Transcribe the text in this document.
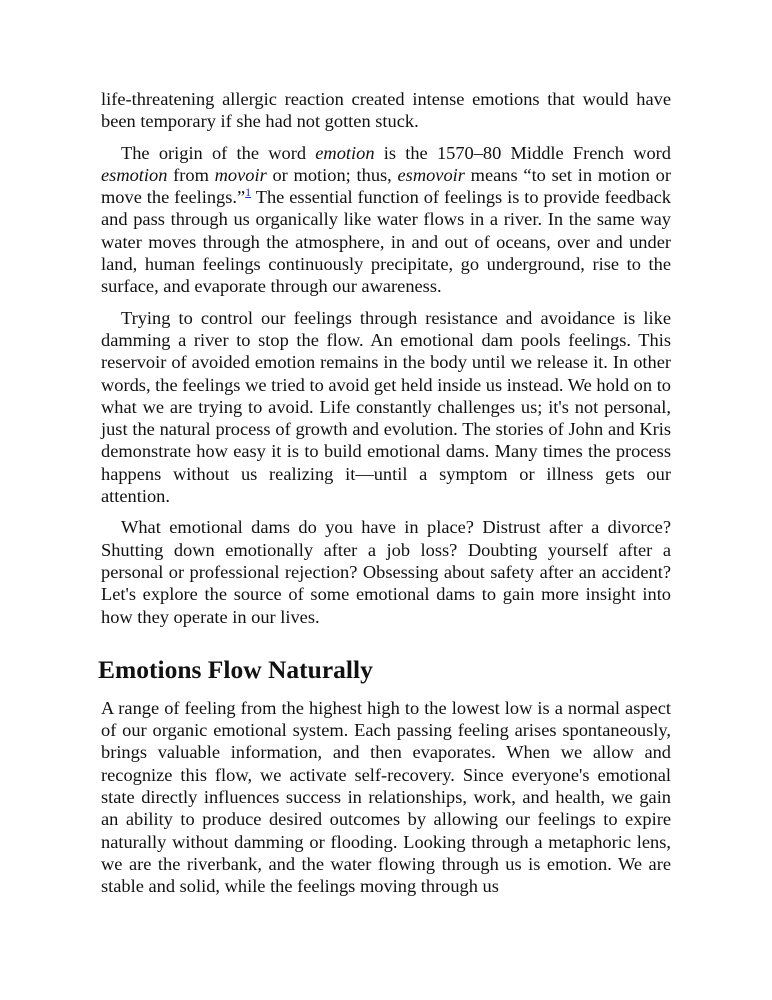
life-threatening allergic reaction created intense emotions that would have been temporary if she had not gotten stuck.

The origin of the word emotion is the 1570–80 Middle French word esmotion from movoir or motion; thus, esmovoir means “to set in motion or move the feelings.”$^1$ The essential function of feelings is to provide feedback and pass through us organically like water flows in a river. In the same way water moves through the atmosphere, in and out of oceans, over and under land, human feelings continuously precipitate, go underground, rise to the surface, and evaporate through our awareness.

Trying to control our feelings through resistance and avoidance is like damming a river to stop the flow. An emotional dam pools feelings. This reservoir of avoided emotion remains in the body until we release it. In other words, the feelings we tried to avoid get held inside us instead. We hold on to what we are trying to avoid. Life constantly challenges us; it's not personal, just the natural process of growth and evolution. The stories of John and Kris demonstrate how easy it is to build emotional dams. Many times the process happens without us realizing it—until a symptom or illness gets our attention.

What emotional dams do you have in place? Distrust after a divorce? Shutting down emotionally after a job loss? Doubting yourself after a personal or professional rejection? Obsessing about safety after an accident? Let's explore the source of some emotional dams to gain more insight into how they operate in our lives.

Emotions Flow Naturally

A range of feeling from the highest high to the lowest low is a normal aspect of our organic emotional system. Each passing feeling arises spontaneously, brings valuable information, and then evaporates. When we allow and recognize this flow, we activate self-recovery. Since everyone's emotional state directly influences success in relationships, work, and health, we gain an ability to produce desired outcomes by allowing our feelings to expire naturally without damming or flooding. Looking through a metaphoric lens, we are the riverbank, and the water flowing through us is emotion. We are stable and solid, while the feelings moving through us
